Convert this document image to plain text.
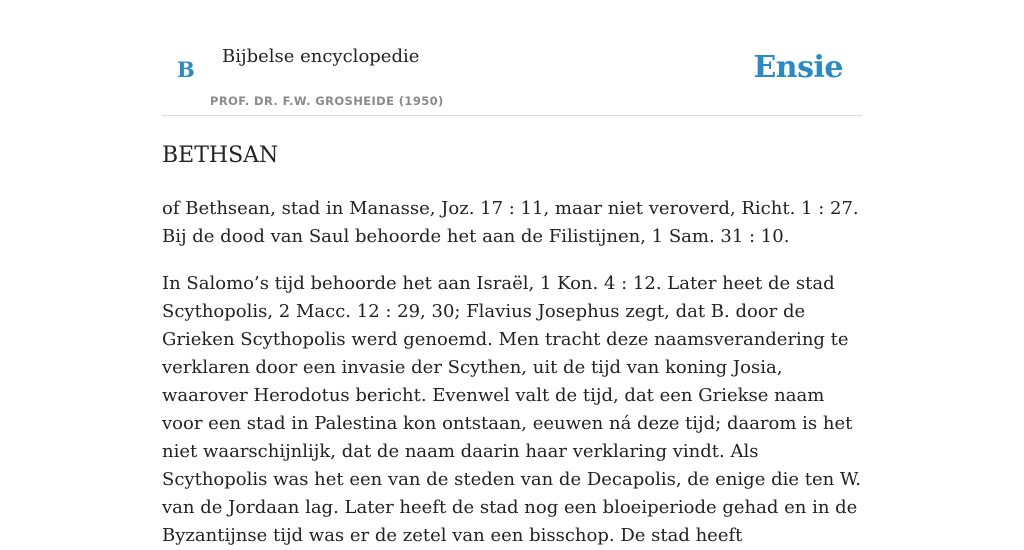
B
Bijbelse encyclopedie
PROF. DR. F.W. GROSHEIDE (1950)
Ensie
BETHSAN

of Bethsean, stad in Manasse, Joz. 17 : 11, maar niet veroverd, Richt. 1 : 27. Bij de dood van Saul behoorde het aan de Filistijnen, 1 Sam. 31 : 10.

In Salomo’s tijd behoorde het aan Israël, 1 Kon. 4 : 12. Later heet de stad Scythopolis, 2 Macc. 12 : 29, 30; Flavius Josephus zegt, dat B. door de Grieken Scythopolis werd genoemd. Men tracht deze naamsverandering te verklaren door een invasie der Scythen, uit de tijd van koning Josia, waarover Herodotus bericht. Evenwel valt de tijd, dat een Griekse naam voor een stad in Palestina kon ontstaan, eeuwen ná deze tijd; daarom is het niet waarschijnlijk, dat de naam daarin haar verklaring vindt. Als Scythopolis was het een van de steden van de Decapolis, de enige die ten W. van de Jordaan lag. Later heeft de stad nog een bloeiperiode gehad en in de Byzantijnse tijd was er de zetel van een bisschop. De stad heeft
